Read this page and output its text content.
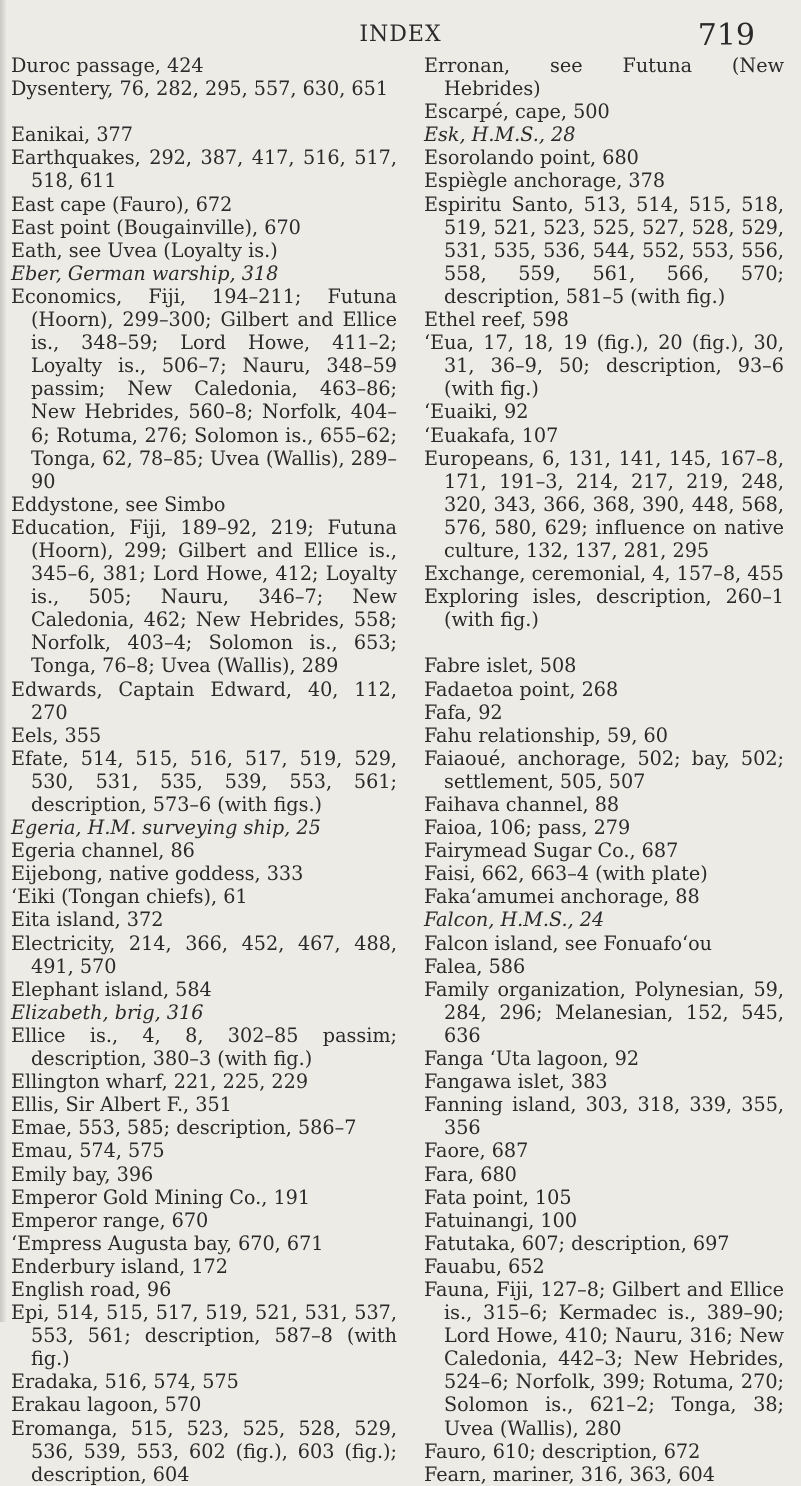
INDEX	719
Duroc passage, 424
Dysentery, 76, 282, 295, 557, 630, 651
Eanikai, 377
Earthquakes, 292, 387, 417, 516, 517, 518, 611
East cape (Fauro), 672
East point (Bougainville), 670
Eath, see Uvea (Loyalty is.)
Eber, German warship, 318
Economics, Fiji, 194–211; Futuna (Hoorn), 299–300; Gilbert and Ellice is., 348–59; Lord Howe, 411–2; Loyalty is., 506–7; Nauru, 348–59 passim; New Caledonia, 463–86; New Hebrides, 560–8; Norfolk, 404–6; Rotuma, 276; Solomon is., 655–62; Tonga, 62, 78–85; Uvea (Wallis), 289–90
Eddystone, see Simbo
Education, Fiji, 189–92, 219; Futuna (Hoorn), 299; Gilbert and Ellice is., 345–6, 381; Lord Howe, 412; Loyalty is., 505; Nauru, 346–7; New Caledonia, 462; New Hebrides, 558; Norfolk, 403–4; Solomon is., 653; Tonga, 76–8; Uvea (Wallis), 289
Edwards, Captain Edward, 40, 112, 270
Eels, 355
Efate, 514, 515, 516, 517, 519, 529, 530, 531, 535, 539, 553, 561; description, 573–6 (with figs.)
Egeria, H.M. surveying ship, 25
Egeria channel, 86
Eijebong, native goddess, 333
‘Eiki (Tongan chiefs), 61
Eita island, 372
Electricity, 214, 366, 452, 467, 488, 491, 570
Elephant island, 584
Elizabeth, brig, 316
Ellice is., 4, 8, 302–85 passim; description, 380–3 (with fig.)
Ellington wharf, 221, 225, 229
Ellis, Sir Albert F., 351
Emae, 553, 585; description, 586–7
Emau, 574, 575
Emily bay, 396
Emperor Gold Mining Co., 191
Emperor range, 670
‘Empress Augusta bay, 670, 671
Enderbury island, 172
English road, 96
Epi, 514, 515, 517, 519, 521, 531, 537, 553, 561; description, 587–8 (with fig.)
Eradaka, 516, 574, 575
Erakau lagoon, 570
Eromanga, 515, 523, 525, 528, 529, 536, 539, 553, 602 (fig.), 603 (fig.); description, 604
Erronan, see Futuna (New Hebrides)
Escarpé, cape, 500
Esk, H.M.S., 28
Esorolando point, 680
Espiègle anchorage, 378
Espiritu Santo, 513, 514, 515, 518, 519, 521, 523, 525, 527, 528, 529, 531, 535, 536, 544, 552, 553, 556, 558, 559, 561, 566, 570; description, 581–5 (with fig.)
Ethel reef, 598
‘Eua, 17, 18, 19 (fig.), 20 (fig.), 30, 31, 36–9, 50; description, 93–6 (with fig.)
‘Euaiki, 92
‘Euakafa, 107
Europeans, 6, 131, 141, 145, 167–8, 171, 191–3, 214, 217, 219, 248, 320, 343, 366, 368, 390, 448, 568, 576, 580, 629; influence on native culture, 132, 137, 281, 295
Exchange, ceremonial, 4, 157–8, 455
Exploring isles, description, 260–1 (with fig.)
Fabre islet, 508
Fadaetoa point, 268
Fafa, 92
Fahu relationship, 59, 60
Faiaoué, anchorage, 502; bay, 502; settlement, 505, 507
Faihava channel, 88
Faioa, 106; pass, 279
Fairymead Sugar Co., 687
Faisi, 662, 663–4 (with plate)
Faka‘amumei anchorage, 88
Falcon, H.M.S., 24
Falcon island, see Fonuafo‘ou
Falea, 586
Family organization, Polynesian, 59, 284, 296; Melanesian, 152, 545, 636
Fanga ‘Uta lagoon, 92
Fangawa islet, 383
Fanning island, 303, 318, 339, 355, 356
Faore, 687
Fara, 680
Fata point, 105
Fatuinangi, 100
Fatutaka, 607; description, 697
Fauabu, 652
Fauna, Fiji, 127–8; Gilbert and Ellice is., 315–6; Kermadec is., 389–90; Lord Howe, 410; Nauru, 316; New Caledonia, 442–3; New Hebrides, 524–6; Norfolk, 399; Rotuma, 270; Solomon is., 621–2; Tonga, 38; Uvea (Wallis), 280
Fauro, 610; description, 672
Fearn, mariner, 316, 363, 604
